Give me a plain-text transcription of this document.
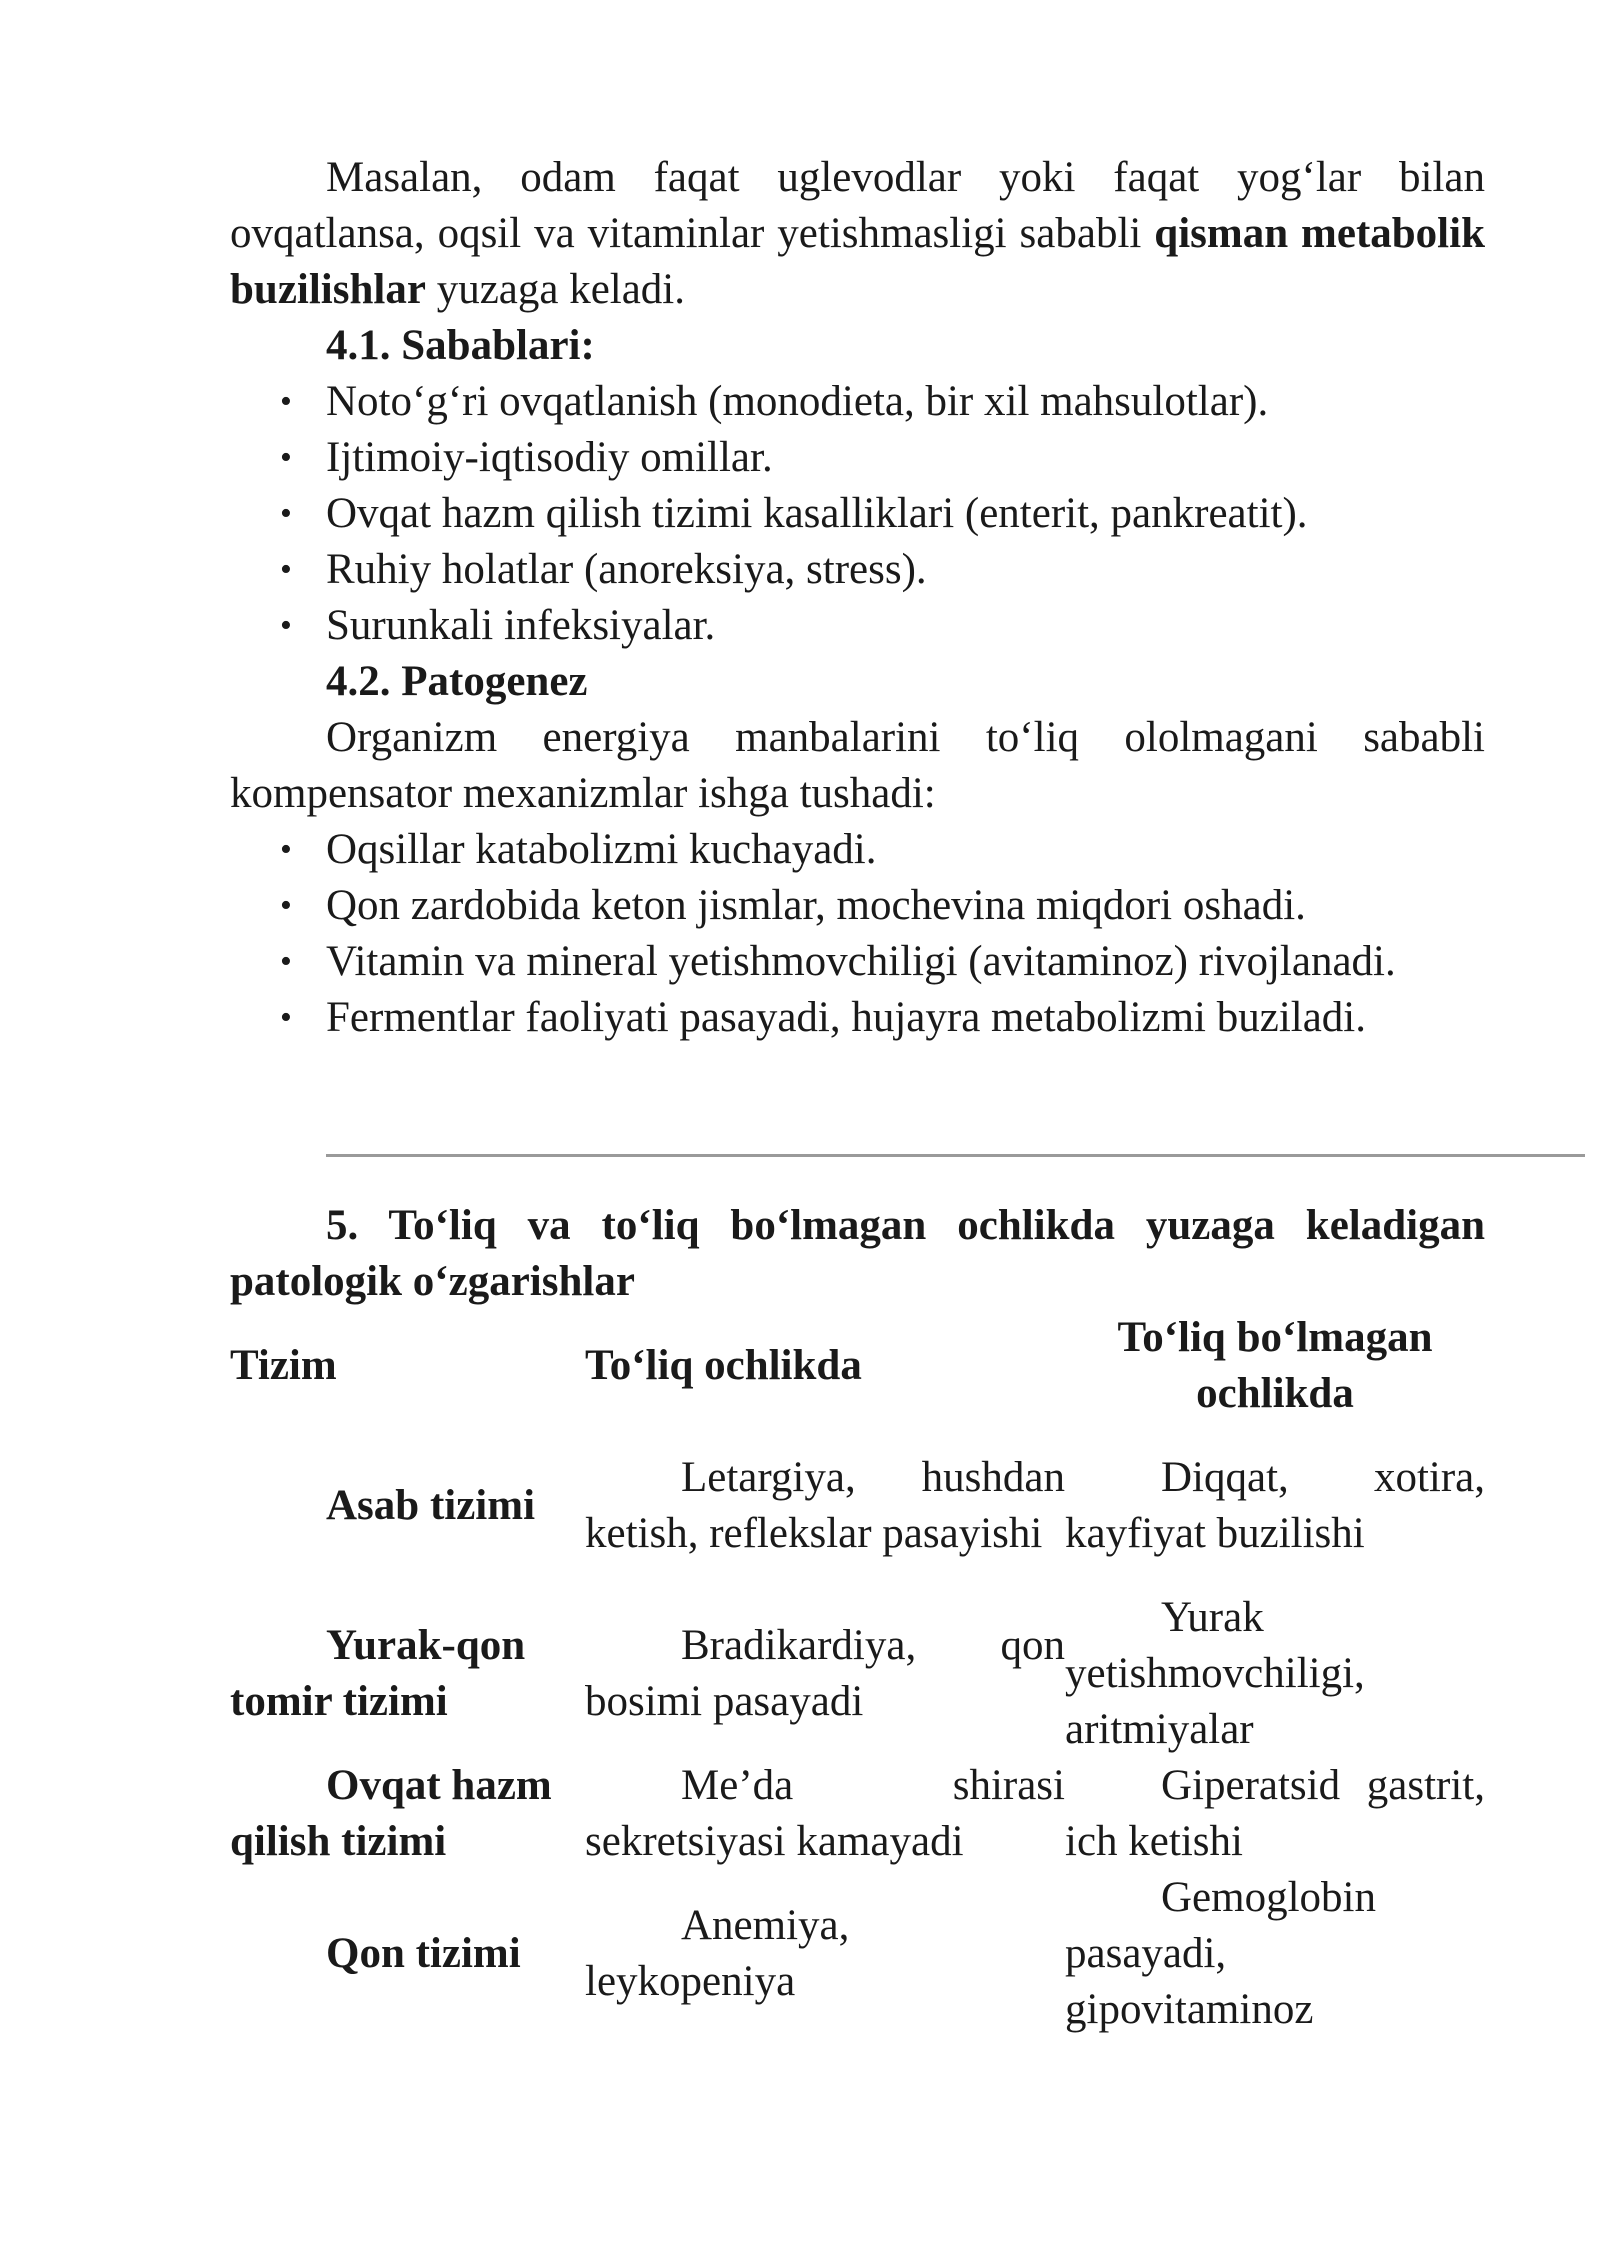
Masalan, odam faqat uglevodlar yoki faqat yog‘lar bilan ovqatlansa, oqsil va vitaminlar yetishmasligi sababli qisman metabolik buzilishlar yuzaga keladi.

4.1. Sabablari:

• Noto‘g‘ri ovqatlanish (monodieta, bir xil mahsulotlar).
• Ijtimoiy-iqtisodiy omillar.
• Ovqat hazm qilish tizimi kasalliklari (enterit, pankreatit).
• Ruhiy holatlar (anoreksiya, stress).
• Surunkali infeksiyalar.

4.2. Patogenez

Organizm energiya manbalarini to‘liq ololmagani sababli kompensator mexanizmlar ishga tushadi:

• Oqsillar katabolizmi kuchayadi.
• Qon zardobida keton jismlar, mochevina miqdori oshadi.
• Vitamin va mineral yetishmovchiligi (avitaminoz) rivojlanadi.
• Fermentlar faoliyati pasayadi, hujayra metabolizmi buziladi.

5. To‘liq va to‘liq bo‘lmagan ochlikda yuzaga keladigan patologik o‘zgarishlar

Tizim	To‘liq ochlikda	To‘liq bo‘lmagan ochlikda
Asab tizimi	Letargiya, hushdan ketish, reflekslar pasayishi	Diqqat, xotira, kayfiyat buzilishi
Yurak-qon tomir tizimi	Bradikardiya, qon bosimi pasayadi	Yurak yetishmovchiligi, aritmiyalar
Ovqat hazm qilish tizimi	Me’da shirasi sekretsiyasi kamayadi	Giperatsid gastrit, ich ketishi
Qon tizimi	Anemiya, leykopeniya	Gemoglobin pasayadi, gipovitaminoz
